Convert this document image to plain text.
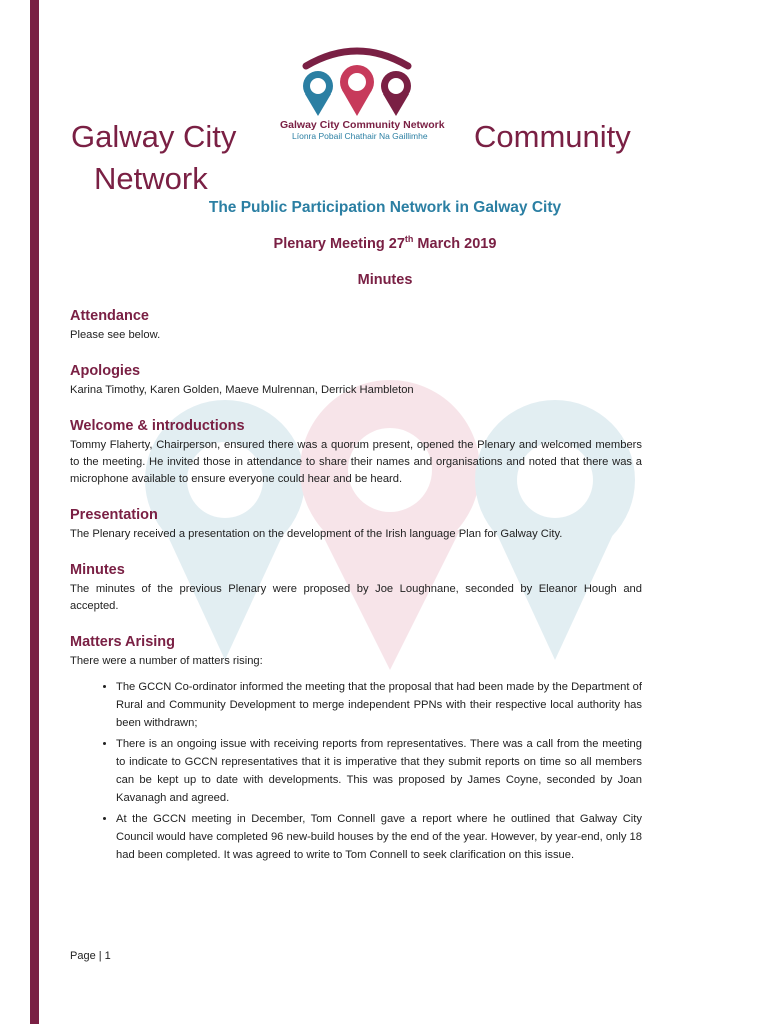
Galway City Community Network
Líonra Pobail Chathair Na Gaillimhe
Galway City	Community
Network
The Public Participation Network in Galway City
Plenary Meeting 27th March 2019
Minutes
Attendance

Please see below.

Apologies

Karina Timothy, Karen Golden, Maeve Mulrennan, Derrick Hambleton

Welcome & introductions

Tommy Flaherty, Chairperson, ensured there was a quorum present, opened the Plenary and welcomed members to the meeting. He invited those in attendance to share their names and organisations and noted that there was a microphone available to ensure everyone could hear and be heard.

Presentation

The Plenary received a presentation on the development of the Irish language Plan for Galway City.

Minutes

The minutes of the previous Plenary were proposed by Joe Loughnane, seconded by Eleanor Hough and accepted.

Matters Arising

There were a number of matters rising:

• The GCCN Co-ordinator informed the meeting that the proposal that had been made by the Department of Rural and Community Development to merge independent PPNs with their respective local authority has been withdrawn;
• There is an ongoing issue with receiving reports from representatives. There was a call from the meeting to indicate to GCCN representatives that it is imperative that they submit reports on time so all members can be kept up to date with developments. This was proposed by James Coyne, seconded by Joan Kavanagh and agreed.
• At the GCCN meeting in December, Tom Connell gave a report where he outlined that Galway City Council would have completed 96 new-build houses by the end of the year. However, by year-end, only 18 had been completed. It was agreed to write to Tom Connell to seek clarification on this issue.
Page | 1
